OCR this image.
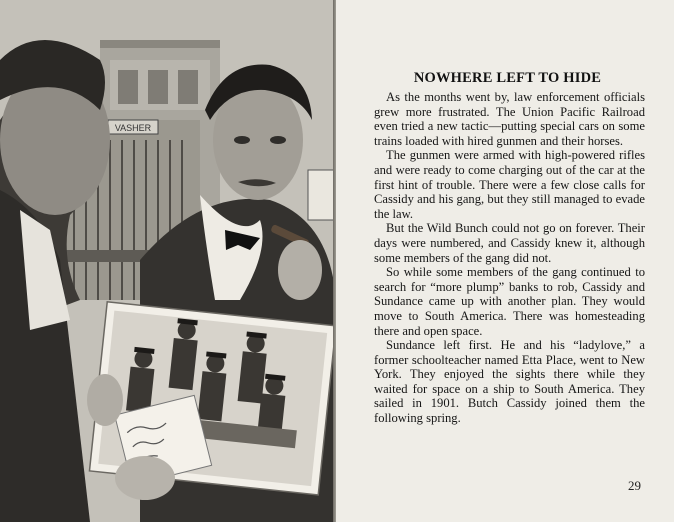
VASHER
NOWHERE LEFT TO HIDE

As the months went by, law enforcement officials grew more frustrated. The Union Pacific Railroad even tried a new tactic—putting special cars on some trains loaded with hired gunmen and their horses.

The gunmen were armed with high-powered rifles and were ready to come charging out of the car at the first hint of trouble. There were a few close calls for Cassidy and his gang, but they still managed to evade the law.

But the Wild Bunch could not go on forever. Their days were numbered, and Cassidy knew it, although some members of the gang did not.

So while some members of the gang continued to search for “more plump” banks to rob, Cassidy and Sundance came up with another plan. They would move to South America. There was homesteading there and open space.

Sundance left first. He and his “ladylove,” a former schoolteacher named Etta Place, went to New York. They enjoyed the sights there while they waited for space on a ship to South America. They sailed in 1901. Butch Cassidy joined them the following spring.

29
